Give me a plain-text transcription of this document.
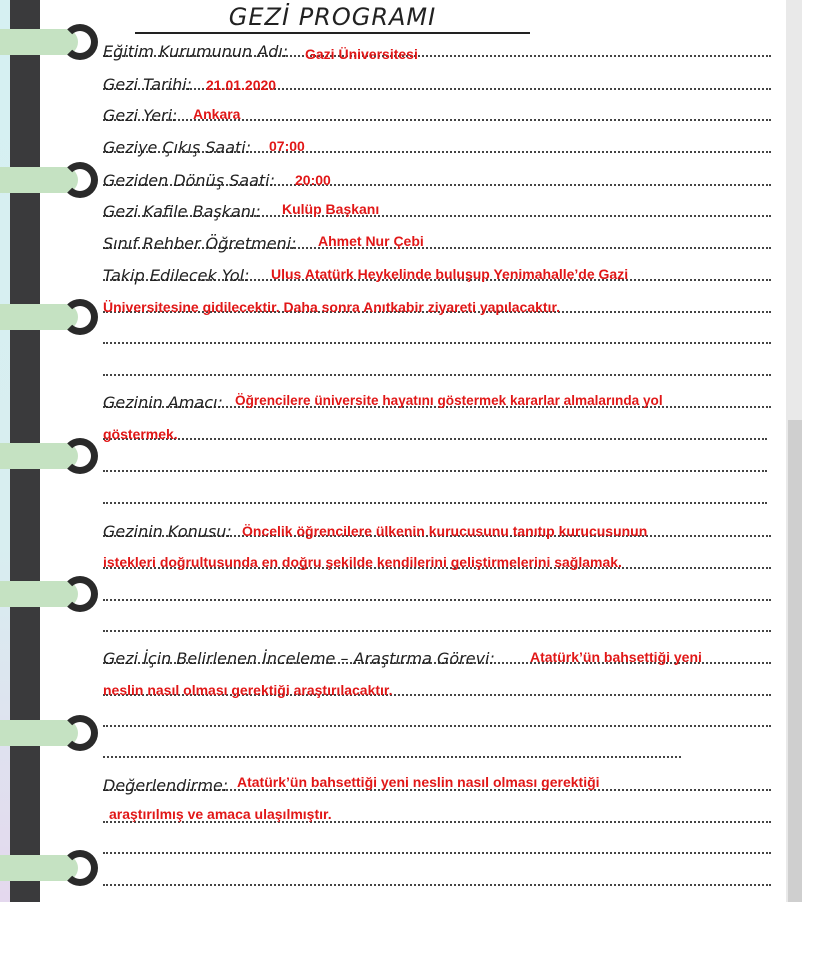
GEZİ PROGRAMI
Eğitim Kurumunun Adı:
Gezi Tarihi:
Gezi Yeri:
Geziye Çıkış Saati:
Geziden Dönüş Saati:
Gezi Kafile Başkanı:
Sınıf Rehber Öğretmeni:
Takip Edilecek Yol:
Gezinin Amacı:
Gezinin Konusu:
Gezi İçin Belirlenen İnceleme – Araştırma Görevi:
Değerlendirme:
Gazi Üniversitesi
21.01.2020
Ankara
07:00
20:00
Kulüp Başkanı
Ahmet Nur Çebi
Ulus Atatürk Heykelinde buluşup Yenimahalle’de Gazi
Üniversitesine gidilecektir. Daha sonra Anıtkabir ziyareti yapılacaktır.
Öğrencilere üniversite hayatını göstermek kararlar almalarında yol
göstermek.
Öncelik öğrencilere ülkenin kurucusunu tanıtıp kurucusunun
istekleri doğrultusunda en doğru şekilde kendilerini geliştirmelerini sağlamak.
Atatürk’ün bahsettiği yeni
neslin nasıl olması gerektiği araştırılacaktır.
Atatürk’ün bahsettiği yeni neslin nasıl olması gerektiği
araştırılmış ve amaca ulaşılmıştır.
